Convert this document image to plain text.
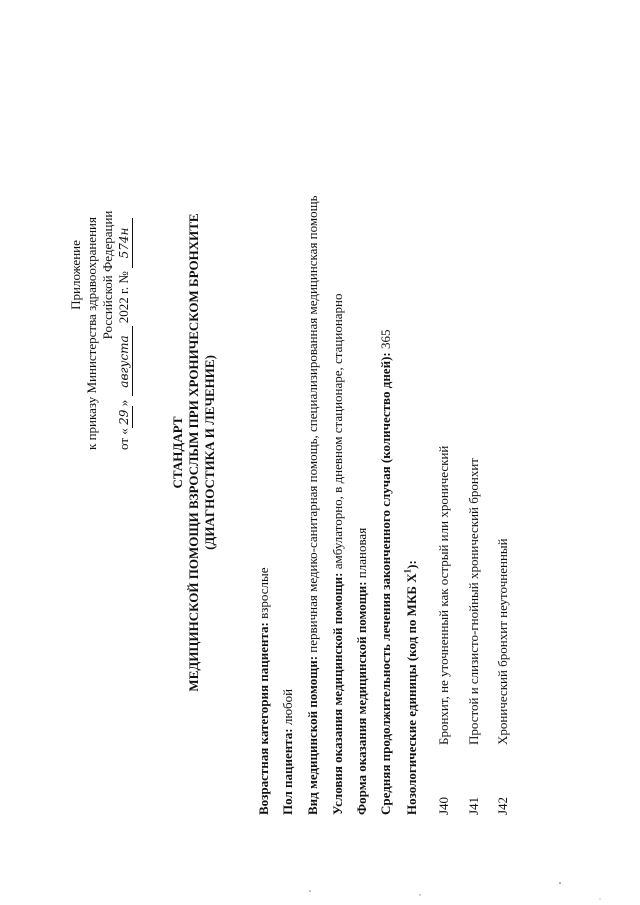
Приложение к приказу Министерства здравоохранения Российской Федерации
от «29» августа 2022 г. № 574н
СТАНДАРТ МЕДИЦИНСКОЙ ПОМОЩИ ВЗРОСЛЫМ ПРИ ХРОНИЧЕСКОМ БРОНХИТЕ (ДИАГНОСТИКА И ЛЕЧЕНИЕ)
Возрастная категория пациента: взрослые
Пол пациента: любой Вид медицинской помощи: первичная медико-санитарная помощь, специализированная медицинская помощь
Условия оказания медицинской помощи: амбулаторно, в дневном стационаре, стационарно
Форма оказания медицинской помощи: плановая Средняя продолжительность лечения законченного случая (количество дней): 365
Нозологические единицы (код по МКБ $X^1$):
J40
Бронхит, не уточненный как острый или хронический
J41
Простой и слизисто-гнойный хронический бронхит
J42
Хронический бронхит неуточненный
